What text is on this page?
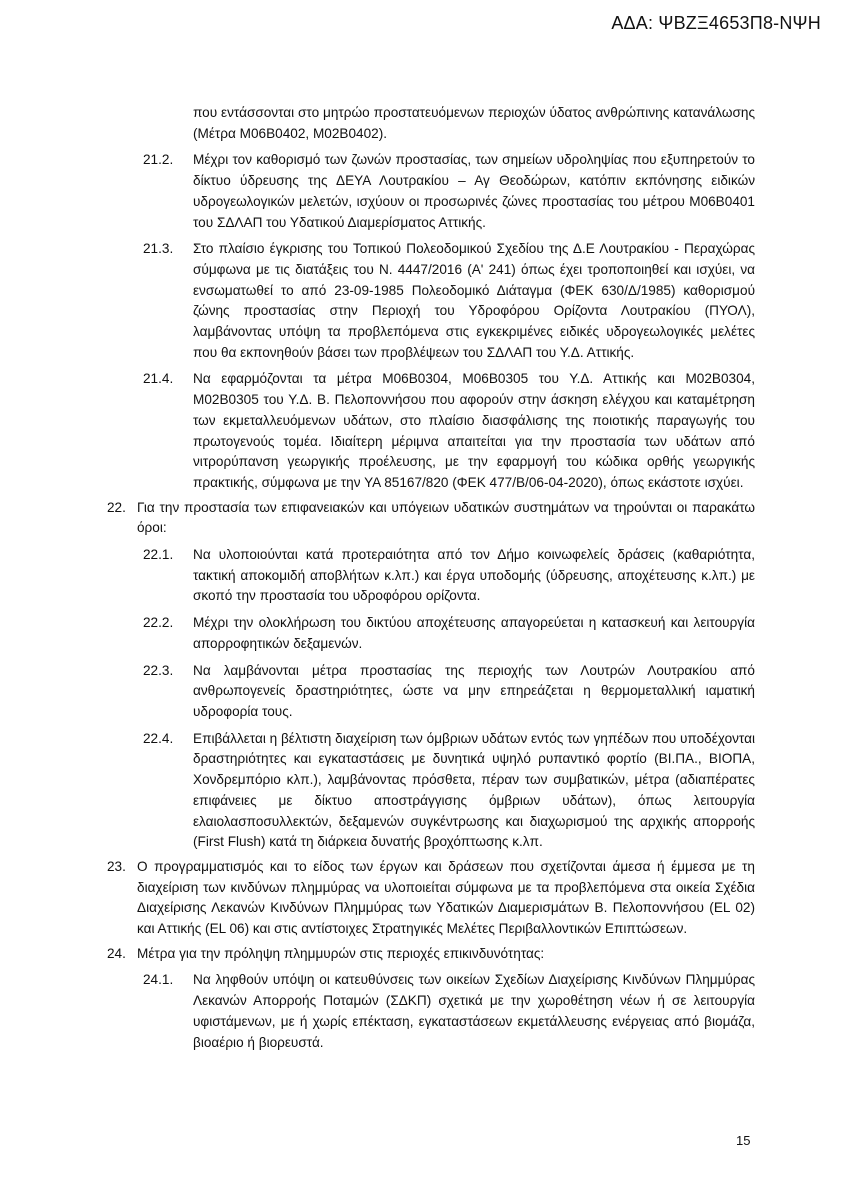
ΑΔΑ: ΨΒΖΞ4653Π8-ΝΨΗ

που εντάσσονται στο μητρώο προστατευόμενων περιοχών ύδατος ανθρώπινης κατανάλωσης (Μέτρα Μ06Β0402, Μ02Β0402).

21.2. Μέχρι τον καθορισμό των ζωνών προστασίας, των σημείων υδροληψίας που εξυπηρετούν το δίκτυο ύδρευσης της ΔΕΥΑ Λουτρακίου – Αγ Θεοδώρων, κατόπιν εκπόνησης ειδικών υδρογεωλογικών μελετών, ισχύουν οι προσωρινές ζώνες προστασίας του μέτρου Μ06Β0401 του ΣΔΛΑΠ του Υδατικού Διαμερίσματος Αττικής.

21.3. Στο πλαίσιο έγκρισης του Τοπικού Πολεοδομικού Σχεδίου της Δ.Ε Λουτρακίου - Περαχώρας σύμφωνα με τις διατάξεις του Ν. 4447/2016 (Α' 241) όπως έχει τροποποιηθεί και ισχύει, να ενσωματωθεί το από 23-09-1985 Πολεοδομικό Διάταγμα (ΦΕΚ 630/Δ/1985) καθορισμού ζώνης προστασίας στην Περιοχή του Υδροφόρου Ορίζοντα Λουτρακίου (ΠΥΟΛ), λαμβάνοντας υπόψη τα προβλεπόμενα στις εγκεκριμένες ειδικές υδρογεωλογικές μελέτες που θα εκπονηθούν βάσει των προβλέψεων του ΣΔΛΑΠ του Υ.Δ. Αττικής.

21.4. Να εφαρμόζονται τα μέτρα Μ06Β0304, Μ06Β0305 του Υ.Δ. Αττικής και Μ02Β0304, Μ02Β0305 του Υ.Δ. Β. Πελοποννήσου που αφορούν στην άσκηση ελέγχου και καταμέτρηση των εκμεταλλευόμενων υδάτων, στο πλαίσιο διασφάλισης της ποιοτικής παραγωγής του πρωτογενούς τομέα. Ιδιαίτερη μέριμνα απαιτείται για την προστασία των υδάτων από νιτρορύπανση γεωργικής προέλευσης, με την εφαρμογή του κώδικα ορθής γεωργικής πρακτικής, σύμφωνα με την ΥΑ 85167/820 (ΦΕΚ 477/Β/06-04-2020), όπως εκάστοτε ισχύει.

22. Για την προστασία των επιφανειακών και υπόγειων υδατικών συστημάτων να τηρούνται οι παρακάτω όροι:

22.1. Να υλοποιούνται κατά προτεραιότητα από τον Δήμο κοινωφελείς δράσεις (καθαριότητα, τακτική αποκομιδή αποβλήτων κ.λπ.) και έργα υποδομής (ύδρευσης, αποχέτευσης κ.λπ.) με σκοπό την προστασία του υδροφόρου ορίζοντα.

22.2. Μέχρι την ολοκλήρωση του δικτύου αποχέτευσης απαγορεύεται η κατασκευή και λειτουργία απορροφητικών δεξαμενών.

22.3. Να λαμβάνονται μέτρα προστασίας της περιοχής των Λουτρών Λουτρακίου από ανθρωπογενείς δραστηριότητες, ώστε να μην επηρεάζεται η θερμομεταλλική ιαματική υδροφορία τους.

22.4. Επιβάλλεται η βέλτιστη διαχείριση των όμβριων υδάτων εντός των γηπέδων που υποδέχονται δραστηριότητες και εγκαταστάσεις με δυνητικά υψηλό ρυπαντικό φορτίο (ΒΙ.ΠΑ., ΒΙΟΠΑ, Χονδρεμπόριο κλπ.), λαμβάνοντας πρόσθετα, πέραν των συμβατικών, μέτρα (αδιαπέρατες επιφάνειες με δίκτυο αποστράγγισης όμβριων υδάτων), όπως λειτουργία ελαιολασποσυλλεκτών, δεξαμενών συγκέντρωσης και διαχωρισμού της αρχικής απορροής (First Flush) κατά τη διάρκεια δυνατής βροχόπτωσης κ.λπ.

23. Ο προγραμματισμός και το είδος των έργων και δράσεων που σχετίζονται άμεσα ή έμμεσα με τη διαχείριση των κινδύνων πλημμύρας να υλοποιείται σύμφωνα με τα προβλεπόμενα στα οικεία Σχέδια Διαχείρισης Λεκανών Κινδύνων Πλημμύρας των Υδατικών Διαμερισμάτων Β. Πελοποννήσου (EL 02) και Αττικής (EL 06) και στις αντίστοιχες Στρατηγικές Μελέτες Περιβαλλοντικών Επιπτώσεων.

24. Μέτρα για την πρόληψη πλημμυρών στις περιοχές επικινδυνότητας:

24.1. Να ληφθούν υπόψη οι κατευθύνσεις των οικείων Σχεδίων Διαχείρισης Κινδύνων Πλημμύρας Λεκανών Απορροής Ποταμών (ΣΔΚΠ) σχετικά με την χωροθέτηση νέων ή σε λειτουργία υφιστάμενων, με ή χωρίς επέκταση, εγκαταστάσεων εκμετάλλευσης ενέργειας από βιομάζα, βιοαέριο ή βιορευστά.

15
